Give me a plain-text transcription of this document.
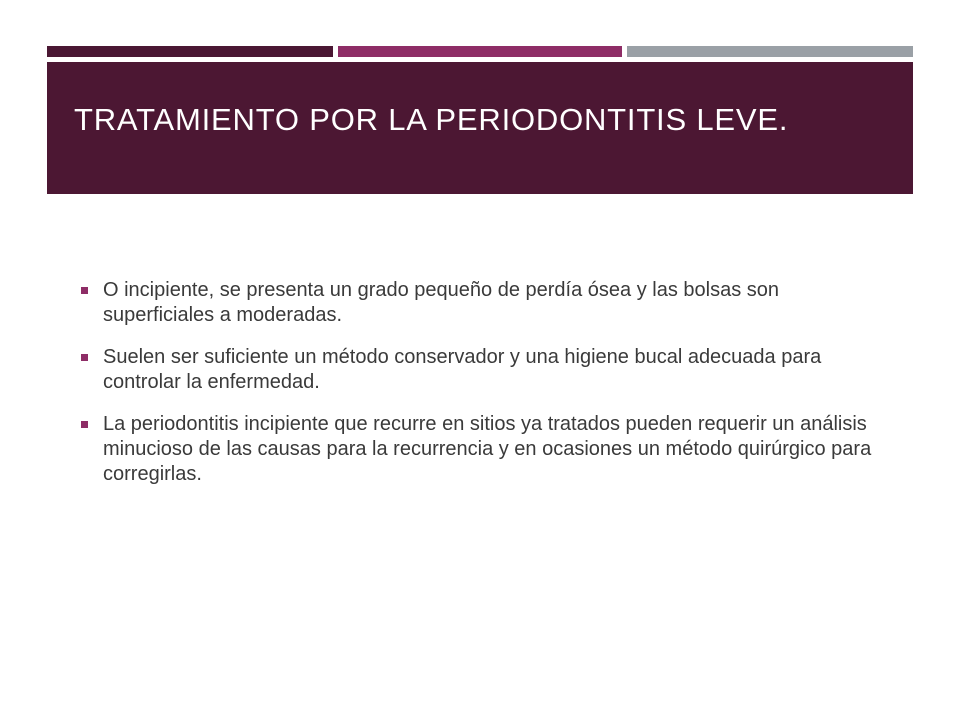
TRATAMIENTO POR LA PERIODONTITIS LEVE.
O incipiente, se presenta un grado pequeño de perdía ósea y las bolsas son superficiales a moderadas.
Suelen ser suficiente un método conservador y una higiene bucal adecuada para controlar la enfermedad.
La periodontitis incipiente que recurre en sitios ya tratados pueden requerir un análisis minucioso de las causas para la recurrencia y en ocasiones un método quirúrgico para corregirlas.
